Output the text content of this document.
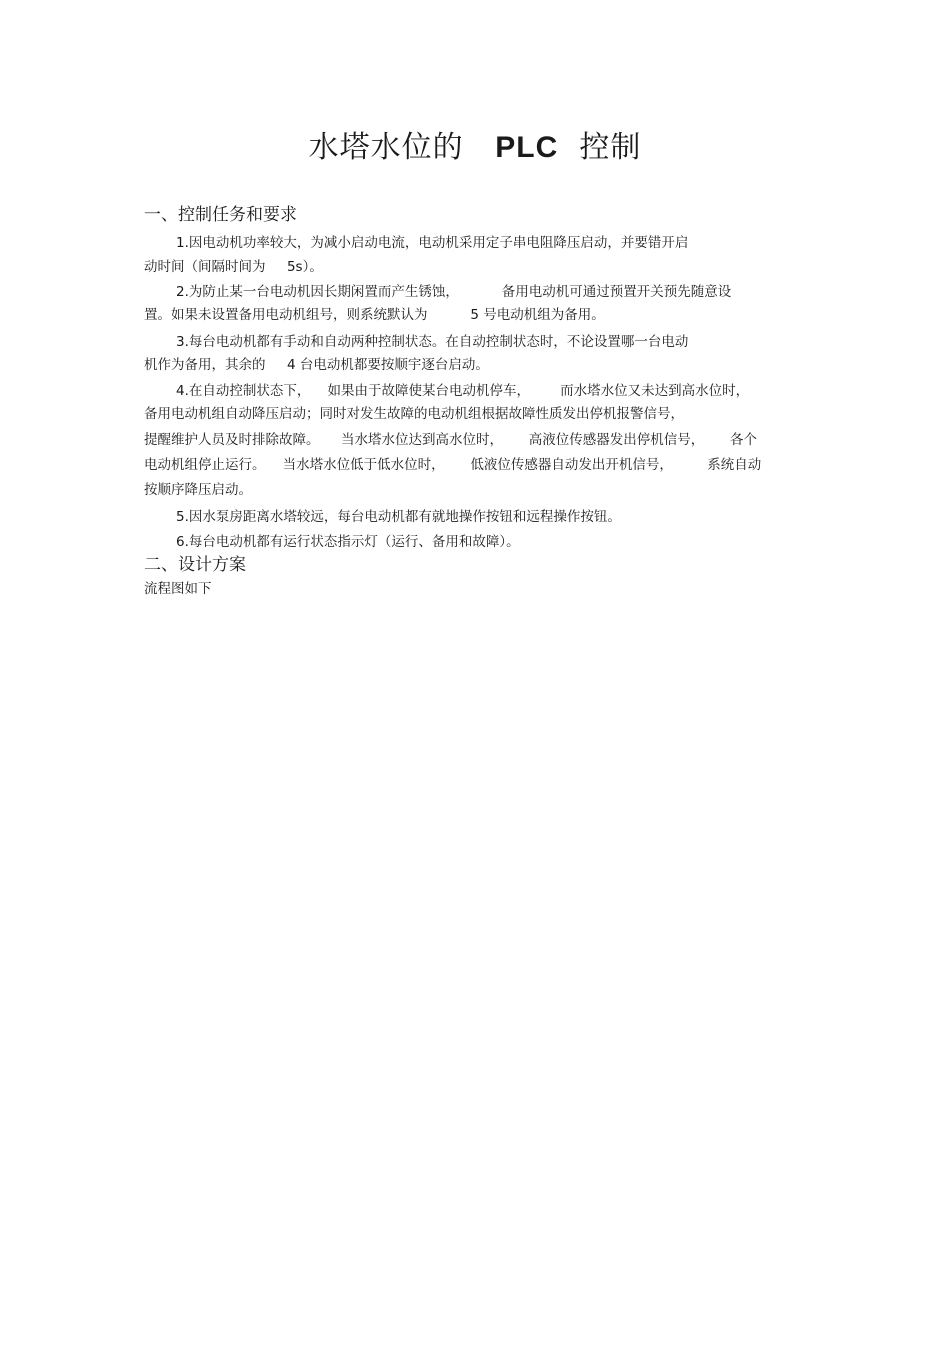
水塔水位的 PLC 控制
一、控制任务和要求
1.因电动机功率较大，为减小启动电流，电动机采用定子串电阻降压启动，并要错开启
动时间（间隔时间为     5s）。
2.为防止某一台电动机因长期闲置而产生锈蚀，          备用电动机可通过预置开关预先随意设
置。如果未设置备用电动机组号，则系统默认为          5 号电动机组为备用。
3.每台电动机都有手动和自动两种控制状态。在自动控制状态时，不论设置哪一台电动
机作为备用，其余的     4 台电动机都要按顺宇逐台启动。
4.在自动控制状态下，    如果由于故障使某台电动机停车，       而水塔水位又未达到高水位时，
备用电动机组自动降压启动；同时对发生故障的电动机组根据故障性质发出停机报警信号，
提醒维护人员及时排除故障。     当水塔水位达到高水位时，      高液位传感器发出停机信号，      各个
电动机组停止运行。    当水塔水位低于低水位时，      低液位传感器自动发出开机信号，        系统自动
按顺序降压启动。
5.因水泵房距离水塔较远，每台电动机都有就地操作按钮和远程操作按钮。
6.每台电动机都有运行状态指示灯（运行、备用和故障）。
二、设计方案
流程图如下
